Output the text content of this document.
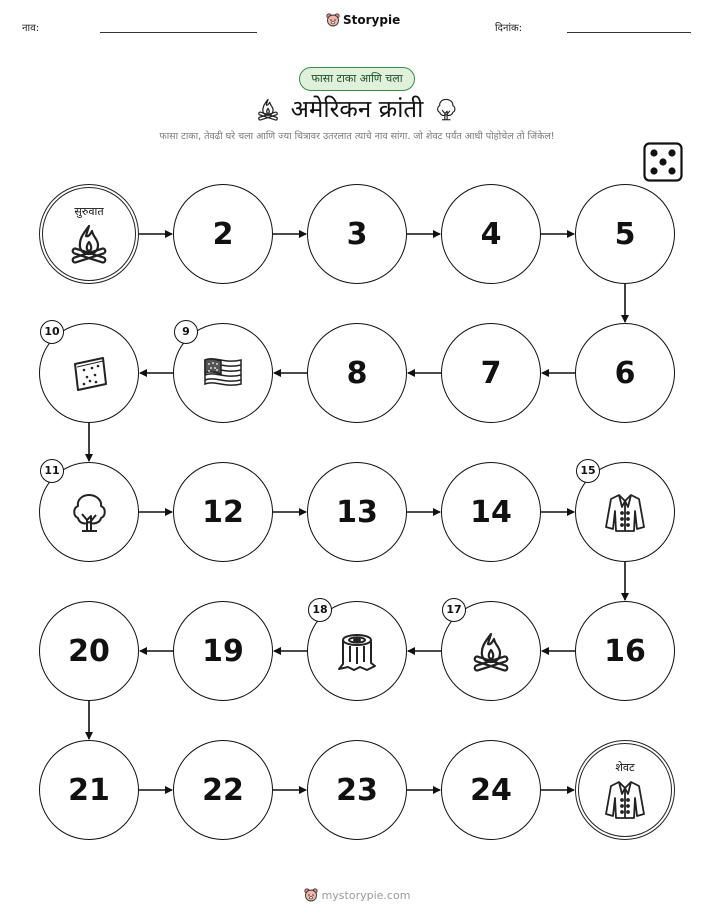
नाव:
Storypie
दिनांक:
फासा टाका आणि चला
अमेरिकन क्रांती
फासा टाका, तेवढी घरे चला आणि ज्या चित्रावर उतरलात त्याचे नाव सांगा. जो शेवट पर्यंत आधी पोहोचेल तो जिंकेल!
सुरुवात
2	3	4	5
6
7
8
9
10
11
12	13	14
15
16
17
18
19
20
21	22	23	24
शेवट
mystorypie.com
